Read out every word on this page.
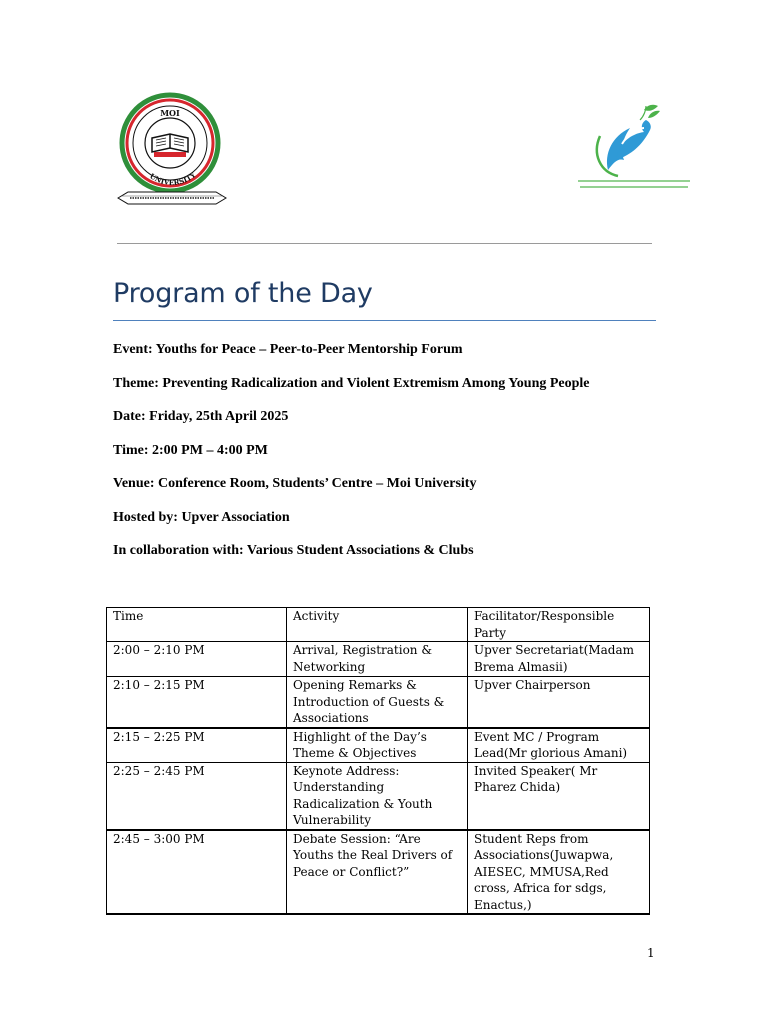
MOI
UNIVERSITY
Program of the Day
Event: Youths for Peace – Peer-to-Peer Mentorship Forum
Theme: Preventing Radicalization and Violent Extremism Among Young People
Date: Friday, 25th April 2025
Time: 2:00 PM – 4:00 PM
Venue: Conference Room, Students’ Centre – Moi University
Hosted by: Upver Association
In collaboration with: Various Student Associations & Clubs
Time	Activity	Facilitator/Responsible Party
2:00 – 2:10 PM	Arrival, Registration & Networking	Upver Secretariat(Madam Brema Almasii)
2:10 – 2:15 PM	Opening Remarks & Introduction of Guests & Associations	Upver Chairperson
2:15 – 2:25 PM	Highlight of the Day’s Theme & Objectives	Event MC / Program Lead(Mr glorious Amani)
2:25 – 2:45 PM	Keynote Address: Understanding Radicalization & Youth Vulnerability	Invited Speaker( Mr Pharez Chida)
2:45 – 3:00 PM	Debate Session: “Are Youths the Real Drivers of Peace or Conflict?”	Student Reps from Associations(Juwapwa, AIESEC, MMUSA,Red cross, Africa for sdgs, Enactus,)
1
